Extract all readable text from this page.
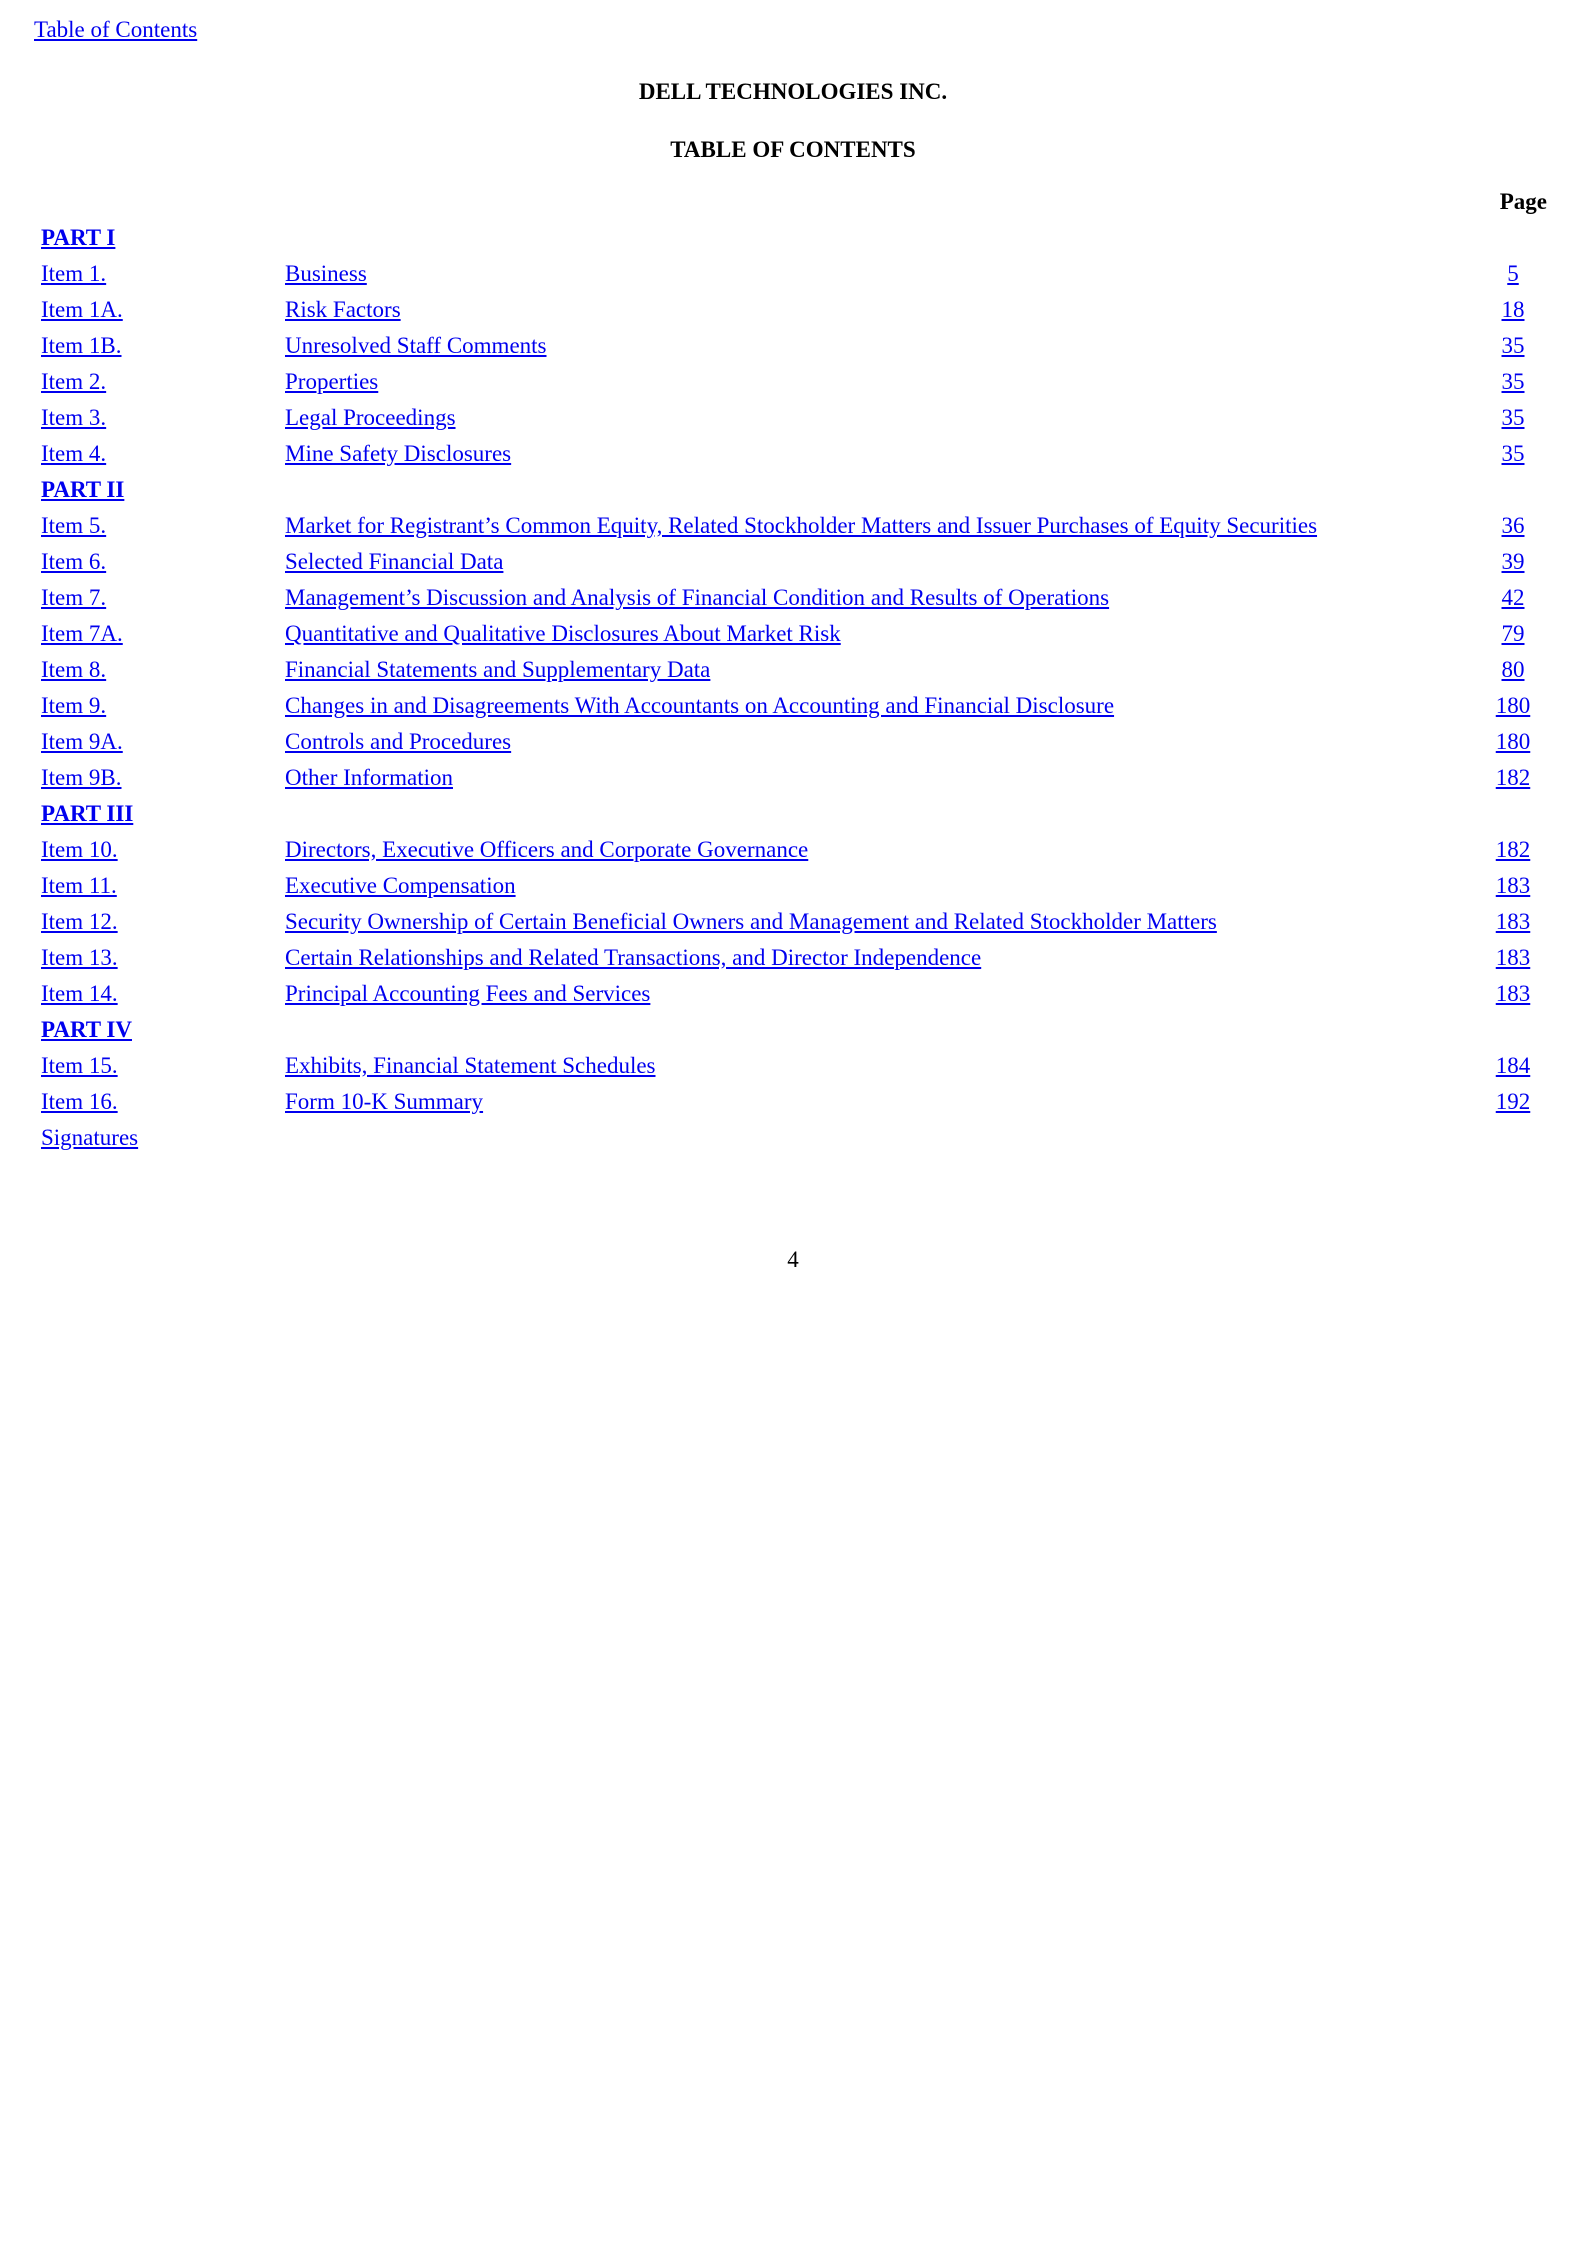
Table of Contents
DELL TECHNOLOGIES INC.
TABLE OF CONTENTS
Page
PART I
Item 1.	Business	5
Item 1A.	Risk Factors	18
Item 1B.	Unresolved Staff Comments	35
Item 2.	Properties	35
Item 3.	Legal Proceedings	35
Item 4.	Mine Safety Disclosures	35
PART II
Item 5.	Market for Registrant’s Common Equity, Related Stockholder Matters and Issuer Purchases of Equity Securities	36
Item 6.	Selected Financial Data	39
Item 7.	Management’s Discussion and Analysis of Financial Condition and Results of Operations	42
Item 7A.	Quantitative and Qualitative Disclosures About Market Risk	79
Item 8.	Financial Statements and Supplementary Data	80
Item 9.	Changes in and Disagreements With Accountants on Accounting and Financial Disclosure	180
Item 9A.	Controls and Procedures	180
Item 9B.	Other Information	182
PART III
Item 10.	Directors, Executive Officers and Corporate Governance	182
Item 11.	Executive Compensation	183
Item 12.	Security Ownership of Certain Beneficial Owners and Management and Related Stockholder Matters	183
Item 13.	Certain Relationships and Related Transactions, and Director Independence	183
Item 14.	Principal Accounting Fees and Services	183
PART IV
Item 15.	Exhibits, Financial Statement Schedules	184
Item 16.	Form 10-K Summary	192
Signatures
4
